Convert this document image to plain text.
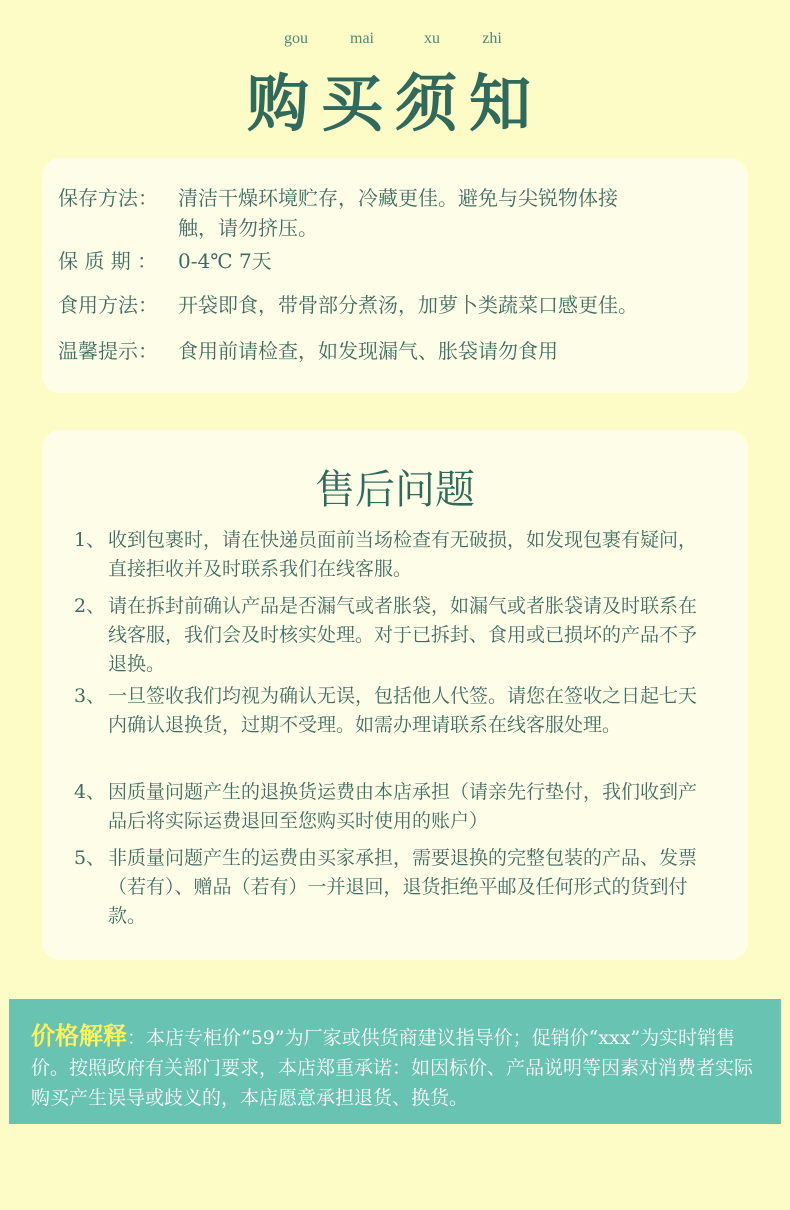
gou	mai	xu	zhi
购买须知
保存方法：	清洁干燥环境贮存，冷藏更佳。避免与尖锐物体接触，请勿挤压。
保 质 期 ：	0-4℃ 7天
食用方法：	开袋即食，带骨部分煮汤，加萝卜类蔬菜口感更佳。
温馨提示：	食用前请检查，如发现漏气、胀袋请勿食用
售后问题
1、 收到包裹时，请在快递员面前当场检查有无破损，如发现包裹有疑问，直接拒收并及时联系我们在线客服。
2、 请在拆封前确认产品是否漏气或者胀袋，如漏气或者胀袋请及时联系在线客服，我们会及时核实处理。对于已拆封、食用或已损坏的产品不予退换。
3、 一旦签收我们均视为确认无误，包括他人代签。请您在签收之日起七天内确认退换货，过期不受理。如需办理请联系在线客服处理。
4、 因质量问题产生的退换货运费由本店承担（请亲先行垫付，我们收到产品后将实际运费退回至您购买时使用的账户）
5、 非质量问题产生的运费由买家承担，需要退换的完整包装的产品、发票（若有）、赠品（若有）一并退回，退货拒绝平邮及任何形式的货到付款。
价格解释：本店专柜价“59”为厂家或供货商建议指导价；促销价“xxx”为实时销售价。按照政府有关部门要求，本店郑重承诺：如因标价、产品说明等因素对消费者实际购买产生误导或歧义的，本店愿意承担退货、换货。
